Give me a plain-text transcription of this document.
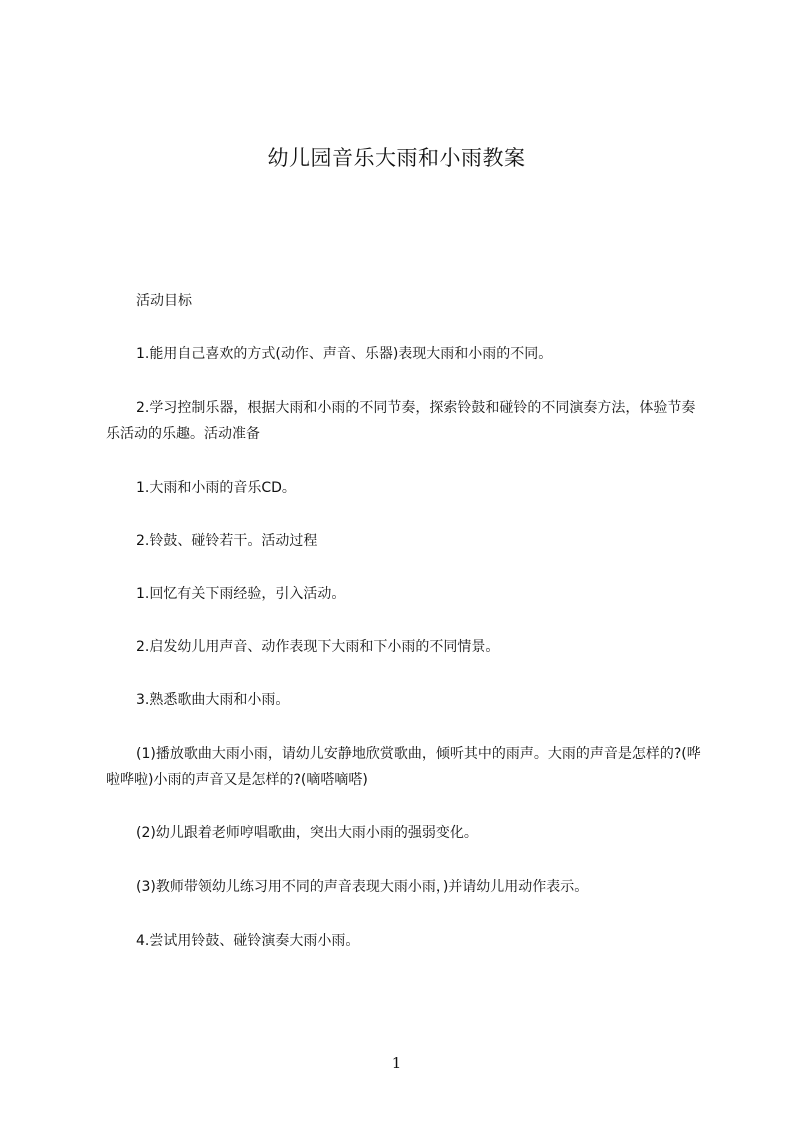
幼儿园音乐大雨和小雨教案
活动目标
1.能用自己喜欢的方式(动作、声音、乐器)表现大雨和小雨的不同。
2.学习控制乐器，根据大雨和小雨的不同节奏，探索铃鼓和碰铃的不同演奏方法，体验节奏乐活动的乐趣。活动准备
1.大雨和小雨的音乐CD。
2.铃鼓、碰铃若干。活动过程
1.回忆有关下雨经验，引入活动。
2.启发幼儿用声音、动作表现下大雨和下小雨的不同情景。
3.熟悉歌曲大雨和小雨。
(1)播放歌曲大雨小雨，请幼儿安静地欣赏歌曲，倾听其中的雨声。大雨的声音是怎样的?(哗啦哗啦)小雨的声音又是怎样的?(嘀嗒嘀嗒)
(2)幼儿跟着老师哼唱歌曲，突出大雨小雨的强弱变化。
(3)教师带领幼儿练习用不同的声音表现大雨小雨，)并请幼儿用动作表示。
4.尝试用铃鼓、碰铃演奏大雨小雨。
1
